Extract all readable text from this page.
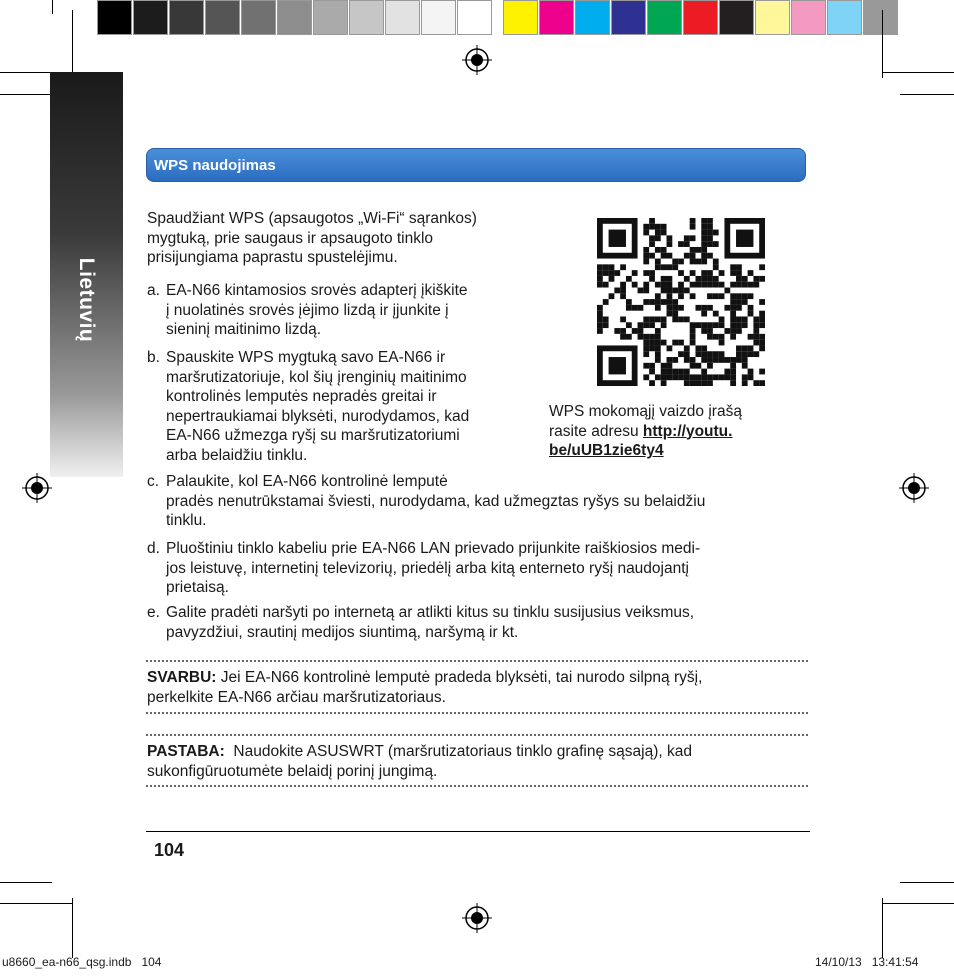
Lietuvių
WPS naudojimas
Spaudžiant WPS (apsaugotos „Wi-Fi“ sąrankos) mygtuką, prie saugaus ir apsaugoto tinklo prisijungiama paprastu spustelėjimu.
a. EA-N66 kintamosios srovės adapterį įkiškite
į nuolatinės srovės įėjimo lizdą ir įjunkite į
sieninį maitinimo lizdą.
b. Spauskite WPS mygtuką savo EA-N66 ir
maršrutizatoriuje, kol šių įrenginių maitinimo
kontrolinės lemputės nepradės greitai ir
nepertraukiamai blyksėti, nurodydamos, kad
EA-N66 užmezga ryšį su maršrutizatoriumi
arba belaidžiu tinklu.
c. Palaukite, kol EA-N66 kontrolinė lemputė
pradės nenutrūkstamai šviesti, nurodydama, kad užmegztas ryšys su belaidžiu
tinklu.
d. Pluoštiniu tinklo kabeliu prie EA-N66 LAN prievado prijunkite raiškiosios medi-
jos leistuvę, internetinį televizorių, priedėlį arba kitą enterneto ryšį naudojantį
prietaisą.
e. Galite pradėti naršyti po internetą ar atlikti kitus su tinklu susijusius veiksmus,
pavyzdžiui, srautinį medijos siuntimą, naršymą ir kt.
WPS mokomąjį vaizdo įrašą
rasite adresu http://youtu.
be/uUB1zie6ty4
SVARBU: Jei EA-N66 kontrolinė lemputė pradeda blyksėti, tai nurodo silpną ryšį,
perkelkite EA-N66 arčiau maršrutizatoriaus.
PASTABA:  Naudokite ASUSWRT (maršrutizatoriaus tinklo grafinę sąsają), kad
sukonfigūruotumėte belaidį porinį jungimą.
104
u8660_ea-n66_qsg.indb   104	14/10/13   13:41:54
